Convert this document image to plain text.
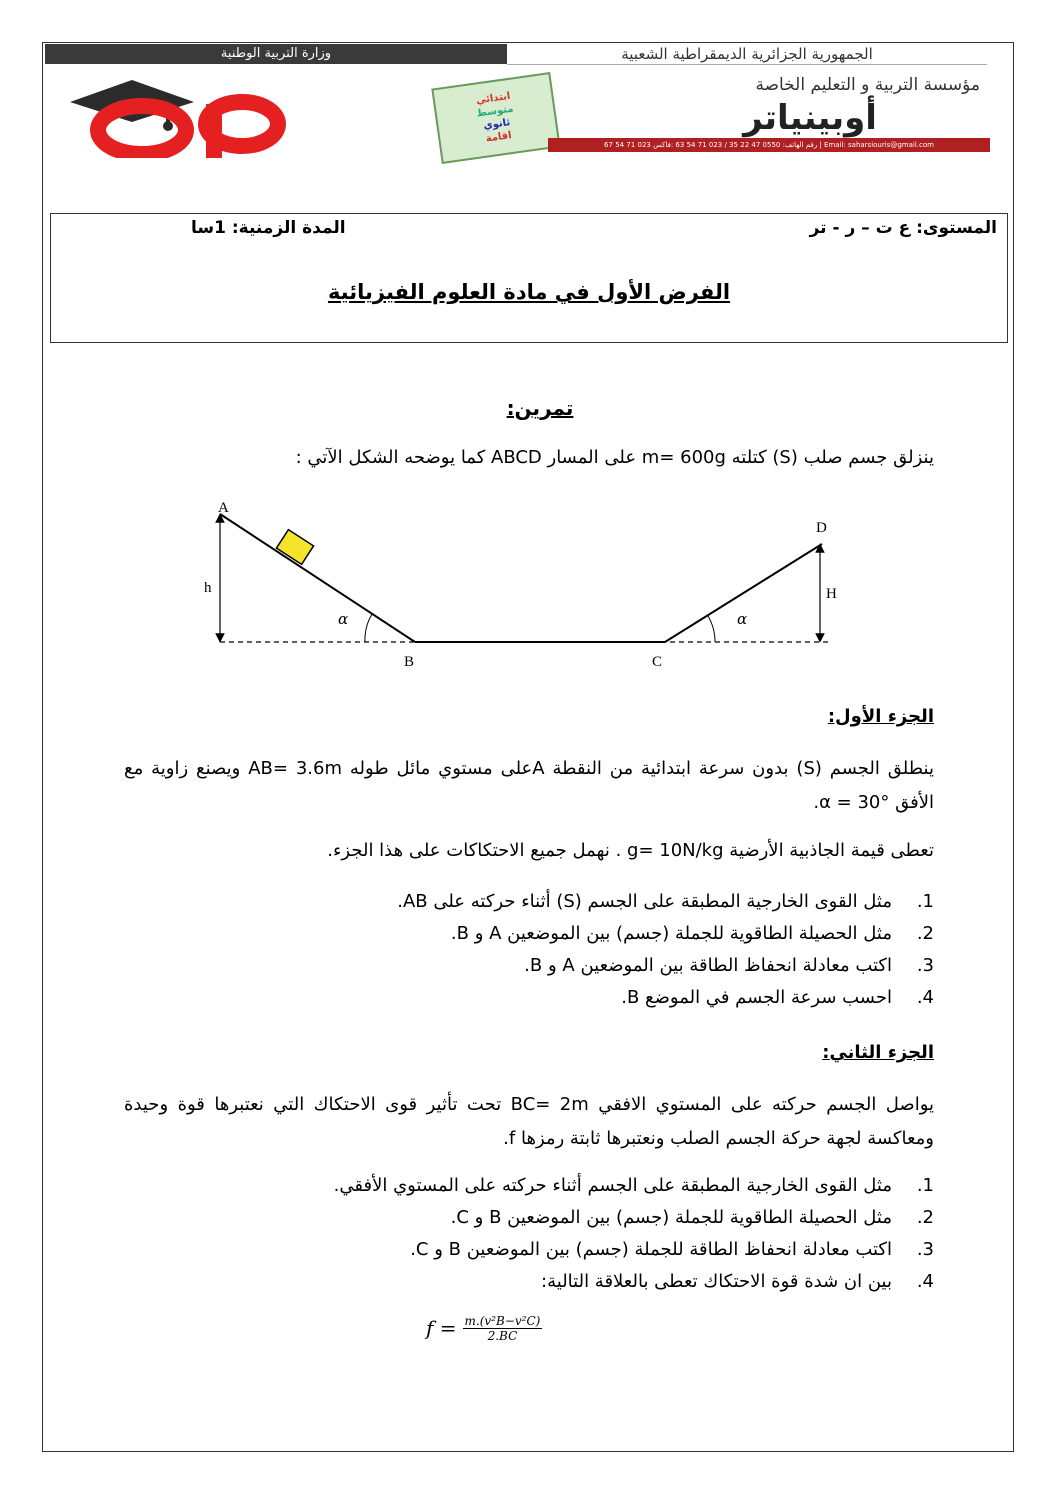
وزارة التربية الوطنية	الجمهورية الجزائرية الديمقراطية الشعبية
ابتدائي
متوسط
ثانوي
اقامة
مؤسسة التربية و التعليم الخاصة
أوبينياتر
رقم الهاتف: 0550 47 22 35 / 023 71 54 63 :فاكس 023 71 54 67 | Email: saharsiouris@gmail.com
المستوى: ع ت – ر - تر
المدة الزمنية: 1سا
الفرض الأول في مادة العلوم الفيزيائية
تمرين:
ينزلق جسم صلب (S) كتلته m= 600g على المسار ABCD كما يوضحه الشكل الآتي :
A
B	C
D
h	H
α	α
الجزء الأول:
ينطلق الجسم (S) بدون سرعة ابتدائية من النقطة Aعلى مستوي مائل طوله AB= 3.6m ويصنع زاوية مع الأفق α = 30°.
تعطى قيمة الجاذبية الأرضية g= 10N/kg . نهمل جميع الاحتكاكات على هذا الجزء.
1.مثل القوى الخارجية المطبقة على الجسم (S) أثناء حركته على AB.
2.مثل الحصيلة الطاقوية للجملة (جسم) بين الموضعين A و B.
3.اكتب معادلة انحفاظ الطاقة بين الموضعين A و B.
4.احسب سرعة الجسم في الموضع B.
الجزء الثاني:
يواصل الجسم حركته على المستوي الافقي BC= 2m تحت تأثير قوى الاحتكاك التي نعتبرها قوة وحيدة ومعاكسة لجهة حركة الجسم الصلب ونعتبرها ثابتة رمزها f.
1.مثل القوى الخارجية المطبقة على الجسم أثناء حركته على المستوي الأفقي.
2.مثل الحصيلة الطاقوية للجملة (جسم) بين الموضعين B و C.
3.اكتب معادلة انحفاظ الطاقة للجملة (جسم) بين الموضعين B و C.
4.بين ان شدة قوة الاحتكاك تعطى بالعلاقة التالية:
$f = \frac{\text{m.(v²B−v²C)}}{2.BC}$
